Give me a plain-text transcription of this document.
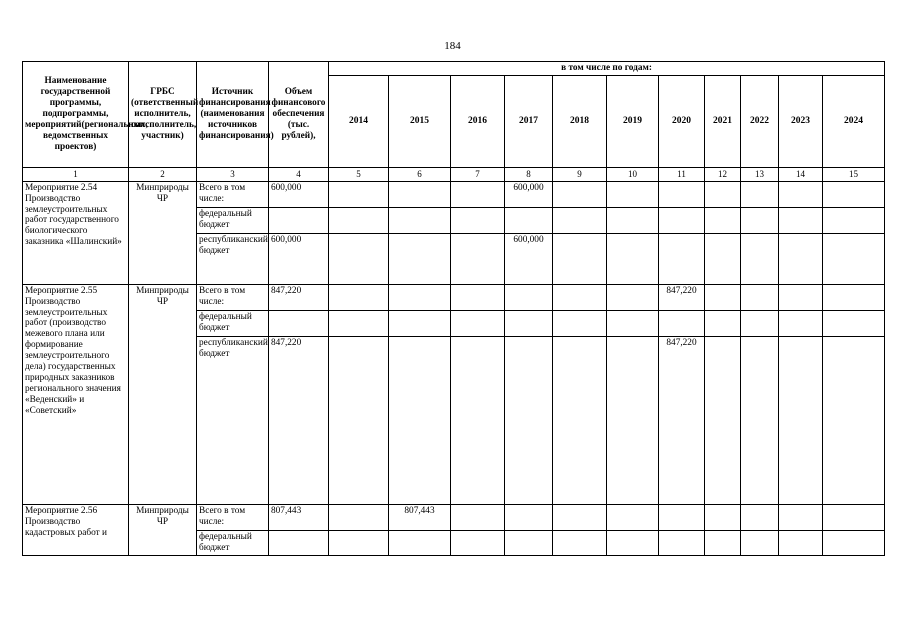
184
Наименование государственной программы, подпрограммы, мероприятий(региональных, ведомственных проектов)	ГРБС (ответственный исполнитель, соисполнитель, участник)	Источник финансирования (наименования источников финансирования)	Объем финансового обеспечения (тыс. рублей),	в том числе по годам:										
				2014	2015	2016	2017	2018	2019	2020	2021	2022	2023	2024
1	2	3	4	5	6	7	8	9	10	11	12	13	14	15
Мероприятие 2.54 Производство землеустроительных работ государственного биологического заказника «Шалинский»	Минприроды ЧР	Всего в том числе:	600,000				600,000							
		федеральный бюджет												
		республиканский бюджет	600,000				600,000							
Мероприятие 2.55 Производство землеустроительных работ (производство межевого плана или формирование землеустроительного дела) государственных природных заказников регионального значения «Веденский» и «Советский»	Минприроды ЧР	Всего в том числе:	847,220							847,220				
		федеральный бюджет												
		республиканский бюджет	847,220							847,220				
Мероприятие 2.56 Производство кадастровых работ и	Минприроды ЧР	Всего в том числе:	807,443		807,443									
		федеральный бюджет												
